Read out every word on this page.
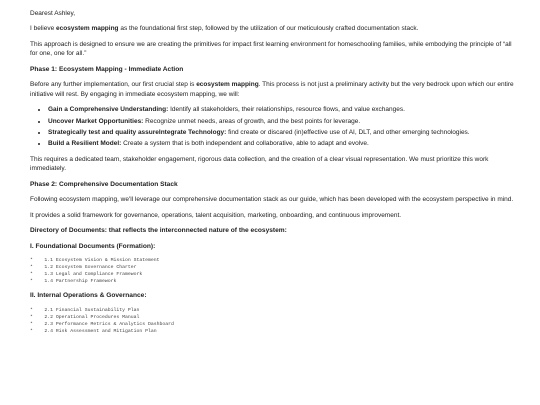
Dearest Ashley,

I believe ecosystem mapping as the foundational first step, followed by the utilization of our meticulously crafted documentation stack.

This approach is designed to ensure we are creating the primitives for impact first learning environment for homeschooling families, while embodying the principle of “all for one, one for all.”

Phase 1: Ecosystem Mapping - Immediate Action

Before any further implementation, our first crucial step is ecosystem mapping. This process is not just a preliminary activity but the very bedrock upon which our entire initiative will rest. By engaging in immediate ecosystem mapping, we will:

• Gain a Comprehensive Understanding: Identify all stakeholders, their relationships, resource flows, and value exchanges.
• Uncover Market Opportunities: Recognize unmet needs, areas of growth, and the best points for leverage.
• Strategically test and quality assureIntegrate Technology: find create or discared (in)effective use of AI, DLT, and other emerging technologies.
• Build a Resilient Model: Create a system that is both independent and collaborative, able to adapt and evolve.

This requires a dedicated team, stakeholder engagement, rigorous data collection, and the creation of a clear visual representation. We must prioritize this work immediately.

Phase 2: Comprehensive Documentation Stack

Following ecosystem mapping, we'll leverage our comprehensive documentation stack as our guide, which has been developed with the ecosystem perspective in mind.

It provides a solid framework for governance, operations, talent acquisition, marketing, onboarding, and continuous improvement.

Directory of Documents: that reflects the interconnected nature of the ecosystem:
I. Foundational Documents (Formation):
*    1.1 Ecosystem Vision & Mission Statement
*    1.2 Ecosystem Governance Charter
*    1.3 Legal and Compliance Framework
*    1.4 Partnership Framework
II. Internal Operations & Governance:
*    2.1 Financial Sustainability Plan
*    2.2 Operational Procedures Manual
*    2.3 Performance Metrics & Analytics Dashboard
*    2.4 Risk Assessment and Mitigation Plan
